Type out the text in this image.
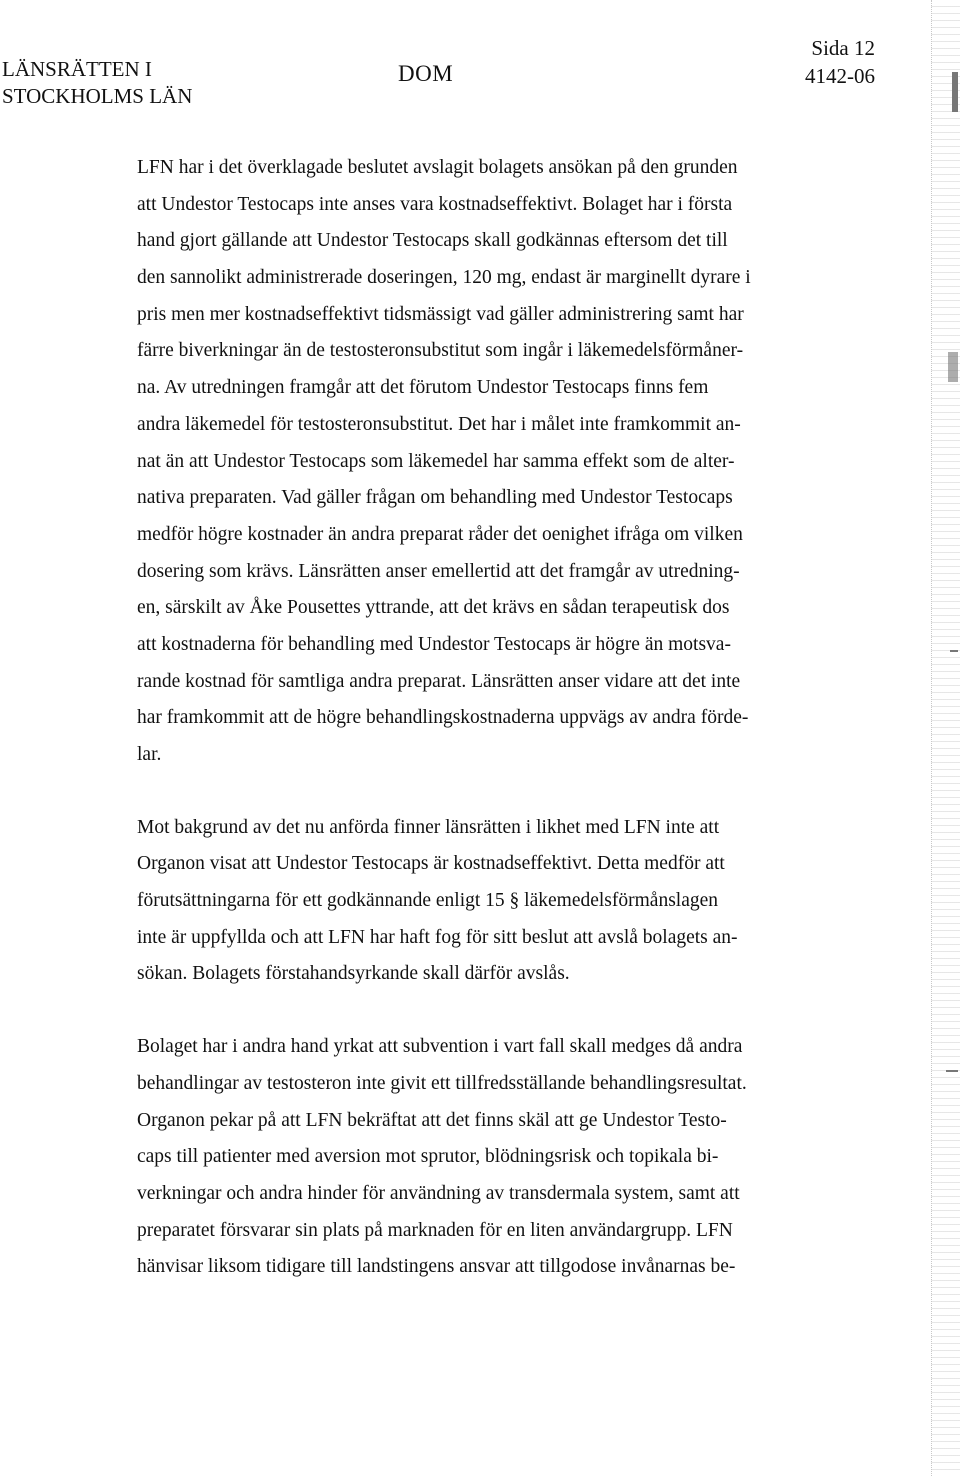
LÄNSRÄTTEN I
STOCKHOLMS LÄN
DOM
Sida 12
4142-06
LFN har i det överklagade beslutet avslagit bolagets ansökan på den grunden
att Undestor Testocaps inte anses vara kostnadseffektivt. Bolaget har i första
hand gjort gällande att Undestor Testocaps skall godkännas eftersom det till
den sannolikt administrerade doseringen, 120 mg, endast är marginellt dyrare i
pris men mer kostnadseffektivt tidsmässigt vad gäller administrering samt har
färre biverkningar än de testosteronsubstitut som ingår i läkemedelsförmåner-
na. Av utredningen framgår att det förutom Undestor Testocaps finns fem
andra läkemedel för testosteronsubstitut. Det har i målet inte framkommit an-
nat än att Undestor Testocaps som läkemedel har samma effekt som de alter-
nativa preparaten. Vad gäller frågan om behandling med Undestor Testocaps
medför högre kostnader än andra preparat råder det oenighet ifråga om vilken
dosering som krävs. Länsrätten anser emellertid att det framgår av utredning-
en, särskilt av Åke Pousettes yttrande, att det krävs en sådan terapeutisk dos
att kostnaderna för behandling med Undestor Testocaps är högre än motsva-
rande kostnad för samtliga andra preparat. Länsrätten anser vidare att det inte
har framkommit att de högre behandlingskostnaderna uppvägs av andra förde-
lar.
Mot bakgrund av det nu anförda finner länsrätten i likhet med LFN inte att
Organon visat att Undestor Testocaps är kostnadseffektivt. Detta medför att
förutsättningarna för ett godkännande enligt 15 § läkemedelsförmånslagen
inte är uppfyllda och att LFN har haft fog för sitt beslut att avslå bolagets an-
sökan. Bolagets förstahandsyrkande skall därför avslås.
Bolaget har i andra hand yrkat att subvention i vart fall skall medges då andra
behandlingar av testosteron inte givit ett tillfredsställande behandlingsresultat.
Organon pekar på att LFN bekräftat att det finns skäl att ge Undestor Testo-
caps till patienter med aversion mot sprutor, blödningsrisk och topikala bi-
verkningar och andra hinder för användning av transdermala system, samt att
preparatet försvarar sin plats på marknaden för en liten användargrupp. LFN
hänvisar liksom tidigare till landstingens ansvar att tillgodose invånarnas be-
